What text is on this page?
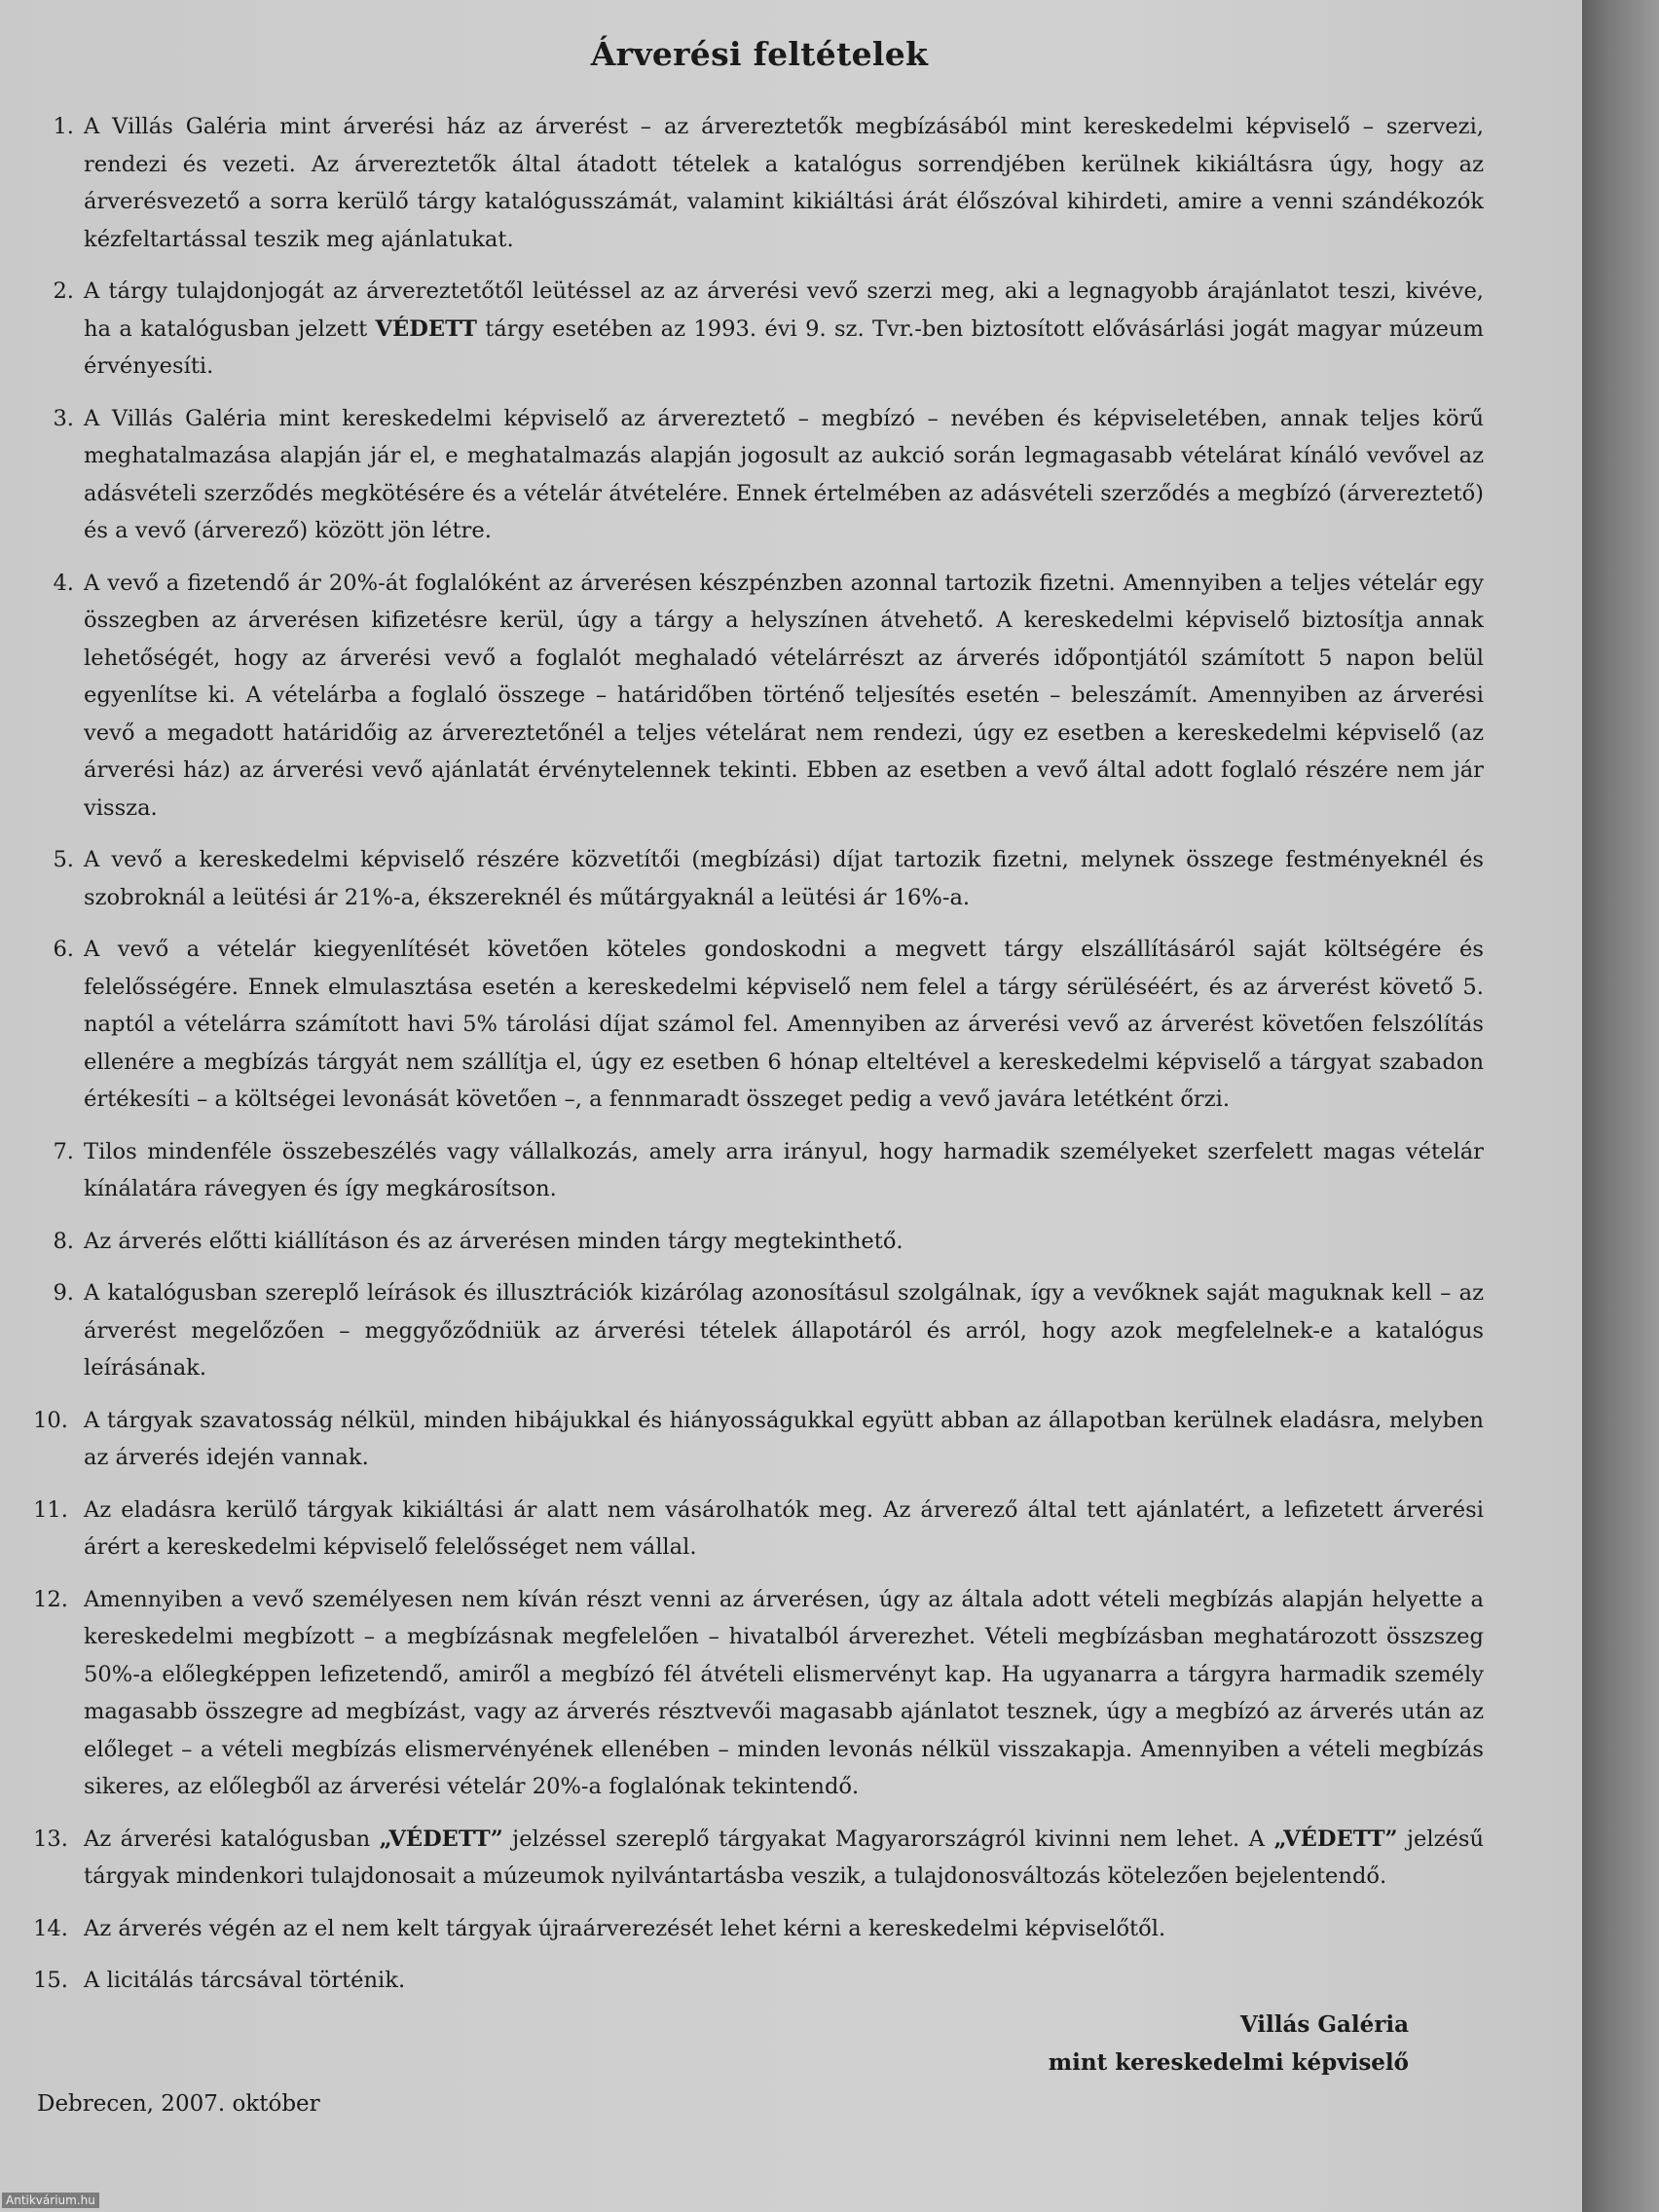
Árverési feltételek
1. A Villás Galéria mint árverési ház az árverést – az árvereztetők megbízásából mint kereskedelmi képviselő – szervezi, rendezi és vezeti. Az árvereztetők által átadott tételek a katalógus sorrendjében kerülnek kikiáltásra úgy, hogy az árverésvezető a sorra kerülő tárgy katalógusszámát, valamint kikiáltási árát élőszóval kihirdeti, amire a venni szándékozók kézfeltartással teszik meg ajánlatukat.
2. A tárgy tulajdonjogát az árvereztetőtől leütéssel az az árverési vevő szerzi meg, aki a legnagyobb árajánlatot teszi, kivéve, ha a katalógusban jelzett VÉDETT tárgy esetében az 1993. évi 9. sz. Tvr.-ben biztosított elővásárlási jogát magyar múzeum érvényesíti.
3. A Villás Galéria mint kereskedelmi képviselő az árvereztető – megbízó – nevében és képviseletében, annak teljes körű meghatalmazása alapján jár el, e meghatalmazás alapján jogosult az aukció során legmagasabb vételárat kínáló vevővel az adásvételi szerződés megkötésére és a vételár átvételére. Ennek értelmében az adásvételi szerződés a megbízó (árvereztető) és a vevő (árverező) között jön létre.
4. A vevő a fizetendő ár 20%-át foglalóként az árverésen készpénzben azonnal tartozik fizetni. Amennyiben a teljes vételár egy összegben az árverésen kifizetésre kerül, úgy a tárgy a helyszínen átvehető. A kereskedelmi képviselő biztosítja annak lehetőségét, hogy az árverési vevő a foglalót meghaladó vételárrészt az árverés időpontjától számított 5 napon belül egyenlítse ki. A vételárba a foglaló összege – határidőben történő teljesítés esetén – beleszámít. Amennyiben az árverési vevő a megadott határidőig az árvereztetőnél a teljes vételárat nem rendezi, úgy ez esetben a kereskedelmi képviselő (az árverési ház) az árverési vevő ajánlatát érvénytelennek tekinti. Ebben az esetben a vevő által adott foglaló részére nem jár vissza.
5. A vevő a kereskedelmi képviselő részére közvetítői (megbízási) díjat tartozik fizetni, melynek összege festményeknél és szobroknál a leütési ár 21%-a, ékszereknél és műtárgyaknál a leütési ár 16%-a.
6. A vevő a vételár kiegyenlítését követően köteles gondoskodni a megvett tárgy elszállításáról saját költségére és felelősségére. Ennek elmulasztása esetén a kereskedelmi képviselő nem felel a tárgy sérüléséért, és az árverést követő 5. naptól a vételárra számított havi 5% tárolási díjat számol fel. Amennyiben az árverési vevő az árverést követően felszólítás ellenére a megbízás tárgyát nem szállítja el, úgy ez esetben 6 hónap elteltével a kereskedelmi képviselő a tárgyat szabadon értékesíti – a költségei levonását követően –, a fennmaradt összeget pedig a vevő javára letétként őrzi.
7. Tilos mindenféle összebeszélés vagy vállalkozás, amely arra irányul, hogy harmadik személyeket szerfelett magas vételár kínálatára rávegyen és így megkárosítson.
8. Az árverés előtti kiállításon és az árverésen minden tárgy megtekinthető.
9. A katalógusban szereplő leírások és illusztrációk kizárólag azonosításul szolgálnak, így a vevőknek saját maguknak kell – az árverést megelőzően – meggyőződniük az árverési tételek állapotáról és arról, hogy azok megfelelnek-e a katalógus leírásának.
10. A tárgyak szavatosság nélkül, minden hibájukkal és hiányosságukkal együtt abban az állapotban kerülnek eladásra, melyben az árverés idején vannak.
11. Az eladásra kerülő tárgyak kikiáltási ár alatt nem vásárolhatók meg. Az árverező által tett ajánlatért, a lefizetett árverési árért a kereskedelmi képviselő felelősséget nem vállal.
12. Amennyiben a vevő személyesen nem kíván részt venni az árverésen, úgy az általa adott vételi megbízás alapján helyette a kereskedelmi megbízott – a megbízásnak megfelelően – hivatalból árverezhet. Vételi megbízásban meghatározott összszeg 50%-a előlegképpen lefizetendő, amiről a megbízó fél átvételi elismervényt kap. Ha ugyanarra a tárgyra harmadik személy magasabb összegre ad megbízást, vagy az árverés résztvevői magasabb ajánlatot tesznek, úgy a megbízó az árverés után az előleget – a vételi megbízás elismervényének ellenében – minden levonás nélkül visszakapja. Amennyiben a vételi megbízás sikeres, az előlegből az árverési vételár 20%-a foglalónak tekintendő.
13. Az árverési katalógusban „VÉDETT” jelzéssel szereplő tárgyakat Magyarországról kivinni nem lehet. A „VÉDETT” jelzésű tárgyak mindenkori tulajdonosait a múzeumok nyilvántartásba veszik, a tulajdonosváltozás kötelezően bejelentendő.
14. Az árverés végén az el nem kelt tárgyak újraárverezését lehet kérni a kereskedelmi képviselőtől.
15. A licitálás tárcsával történik.
Villás Galéria
mint kereskedelmi képviselő
Debrecen, 2007. október
Antikvárium.hu
